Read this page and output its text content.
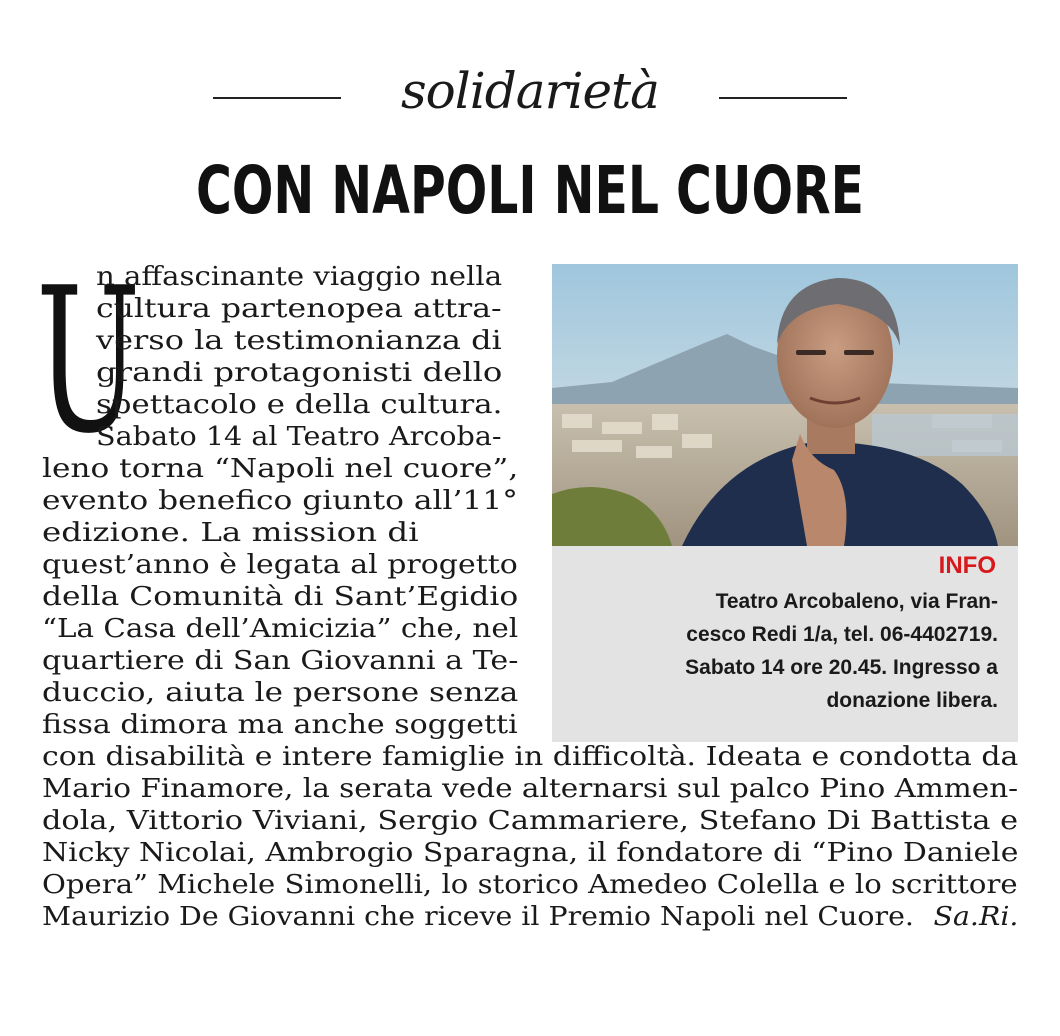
solidarietà
CON NAPOLI NEL CUORE
U
n affascinante viaggio nella
cultura partenopea attra-
verso la testimonianza di
grandi protagonisti dello
spettacolo e della cultura.
Sabato 14 al Teatro Arcoba-
leno torna “Napoli nel cuore”,
evento benefico giunto all’11°
edizione. La mission di
quest’anno è legata al progetto
della Comunità di Sant’Egidio
“La Casa dell’Amicizia” che, nel
quartiere di San Giovanni a Te-
duccio, aiuta le persone senza
fissa dimora ma anche soggetti
con disabilità e intere famiglie in difficoltà. Ideata e condotta da
Mario Finamore, la serata vede alternarsi sul palco Pino Ammen-
dola, Vittorio Viviani, Sergio Cammariere, Stefano Di Battista e
Nicky Nicolai, Ambrogio Sparagna, il fondatore di “Pino Daniele
Opera” Michele Simonelli, lo storico Amedeo Colella e lo scrittore
Maurizio De Giovanni che riceve il Premio Napoli nel Cuore. Sa.Ri.
INFO
Teatro Arcobaleno, via Fran-
cesco Redi 1/a, tel. 06-4402719.
Sabato 14 ore 20.45. Ingresso a
donazione libera.
